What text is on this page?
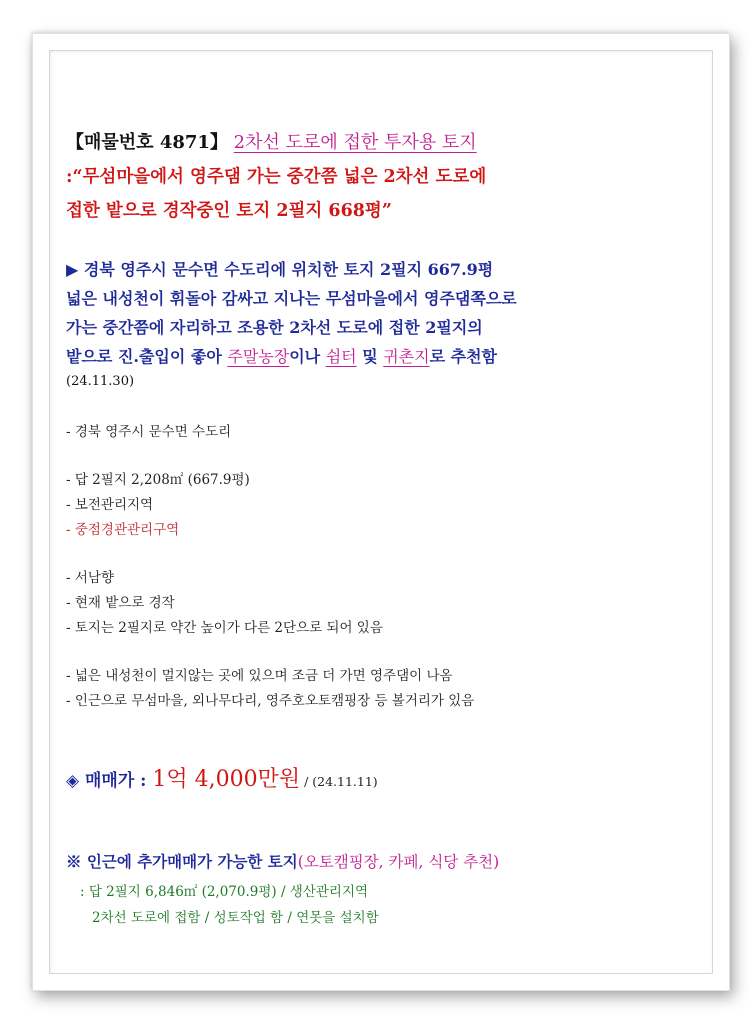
【매물번호 4871】 2차선 도로에 접한 투자용 토지
:“무섬마을에서 영주댐 가는 중간쯤 넓은 2차선 도로에
접한 밭으로 경작중인 토지 2필지 668평”
▶ 경북 영주시 문수면 수도리에 위치한 토지 2필지 667.9평
넓은 내성천이 휘돌아 감싸고 지나는 무섬마을에서 영주댐쪽으로
가는 중간쯤에 자리하고 조용한 2차선 도로에 접한 2필지의
밭으로 진.출입이 좋아 주말농장이나 쉼터 및 귀촌지로 추천함
(24.11.30)
- 경북 영주시 문수면 수도리
- 답 2필지 2,208㎡ (667.9평)
- 보전관리지역
- 중점경관관리구역
- 서남향
- 현재 밭으로 경작
- 토지는 2필지로 약간 높이가 다른 2단으로 되어 있음
- 넓은 내성천이 멀지않는 곳에 있으며 조금 더 가면 영주댐이 나옴
- 인근으로 무섬마을, 외나무다리, 영주호오토캠핑장 등 볼거리가 있음
◈ 매매가 : 1억 4,000만원 / (24.11.11)
※ 인근에 추가매매가 가능한 토지(오토캠핑장, 카페, 식당 추천)
: 답 2필지 6,846㎡ (2,070.9평) / 생산관리지역
2차선 도로에 접함 / 성토작업 함 / 연못을 설치함
